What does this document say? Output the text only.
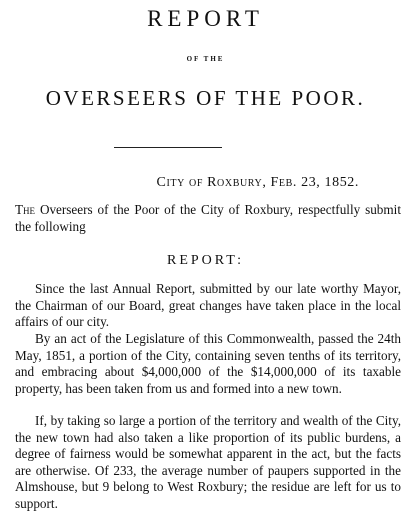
REPORT
OF THE
OVERSEERS OF THE POOR.
City of Roxbury, Feb. 23, 1852.
The Overseers of the Poor of the City of Roxbury, respectfully submit the following
REPORT:
Since the last Annual Report, submitted by our late worthy Mayor, the Chairman of our Board, great changes have taken place in the local affairs of our city.
By an act of the Legislature of this Commonwealth, passed the 24th May, 1851, a portion of the City, containing seven tenths of its territory, and embracing about $4,000,000 of the $14,000,000 of its taxable property, has been taken from us and formed into a new town.
If, by taking so large a portion of the territory and wealth of the City, the new town had also taken a like proportion of its public burdens, a degree of fairness would be somewhat apparent in the act, but the facts are otherwise. Of 233, the average number of paupers supported in the Almshouse, but 9 belong to West Roxbury; the residue are left for us to support.
